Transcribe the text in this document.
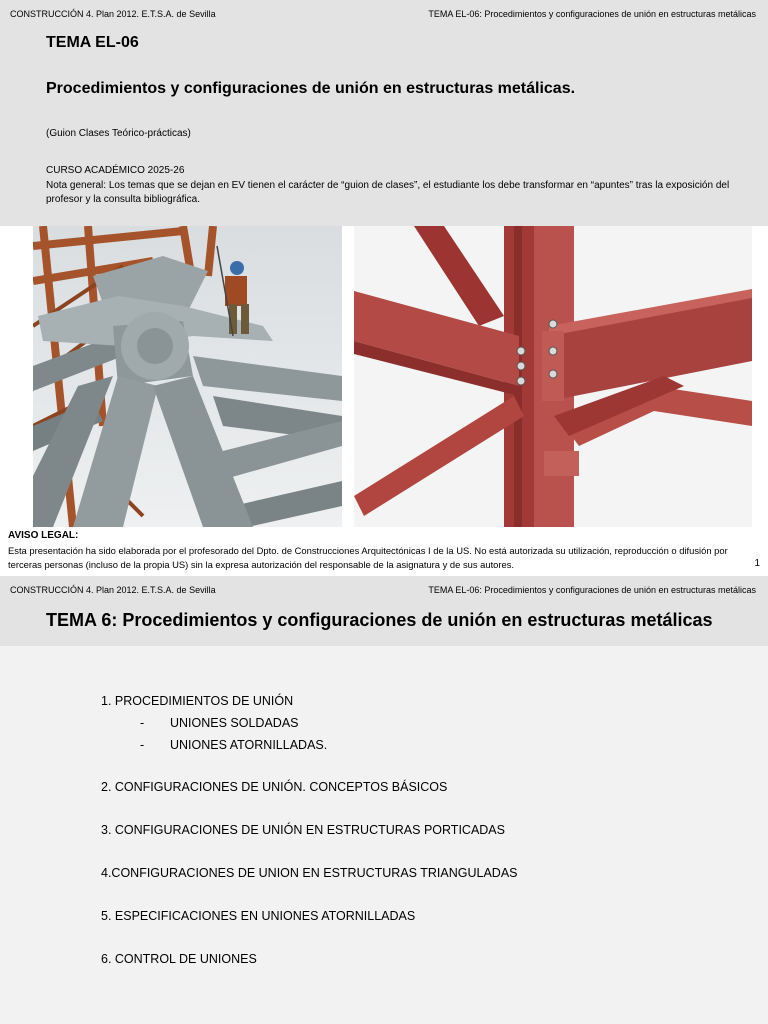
CONSTRUCCIÓN 4. Plan 2012. E.T.S.A. de Sevilla	TEMA EL-06: Procedimientos y configuraciones de unión en estructuras metálicas
TEMA EL-06
Procedimientos y configuraciones de unión en estructuras metálicas.
(Guion Clases Teórico-prácticas)
CURSO ACADÉMICO 2025-26
Nota general: Los temas que se dejan en EV tienen el carácter de “guion de clases”, el estudiante los debe transformar en “apuntes” tras la exposición del profesor y la consulta bibliográfica.
AVISO LEGAL:
Esta presentación ha sido elaborada por el profesorado del Dpto. de Construcciones Arquitectónicas I de la US. No está autorizada su utilización, reproducción o difusión por terceras personas (incluso de la propia US) sin la expresa autorización del responsable de la asignatura y de sus autores.	1
CONSTRUCCIÓN 4. Plan 2012. E.T.S.A. de Sevilla	TEMA EL-06: Procedimientos y configuraciones de unión en estructuras metálicas
TEMA 6: Procedimientos y configuraciones de unión en estructuras metálicas
1. PROCEDIMIENTOS DE UNIÓN
- UNIONES SOLDADAS
- UNIONES ATORNILLADAS.
2. CONFIGURACIONES DE UNIÓN. CONCEPTOS BÁSICOS
3. CONFIGURACIONES DE UNIÓN EN ESTRUCTURAS PORTICADAS
4.CONFIGURACIONES DE UNION EN ESTRUCTURAS TRIANGULADAS
5. ESPECIFICACIONES EN UNIONES ATORNILLADAS
6. CONTROL DE UNIONES
